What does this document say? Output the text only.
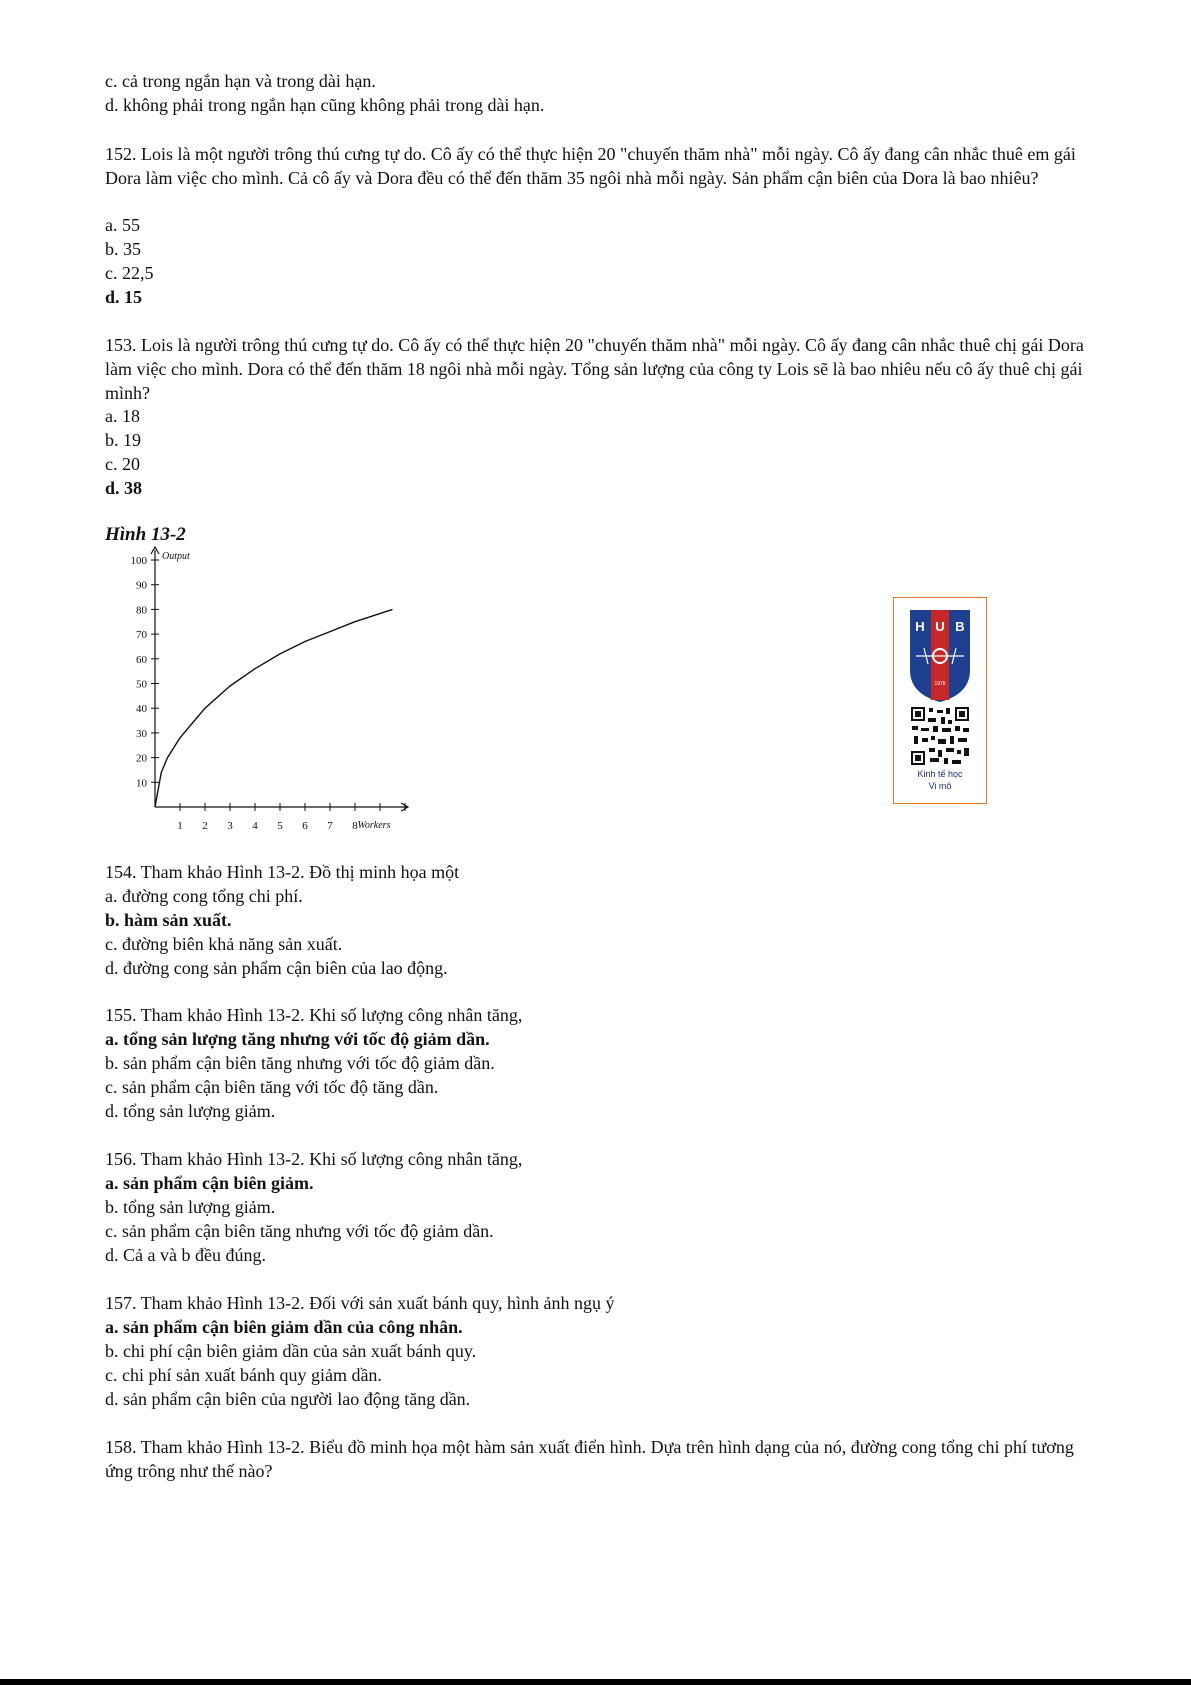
c. cả trong ngắn hạn và trong dài hạn.
d. không phải trong ngắn hạn cũng không phải trong dài hạn.
152. Lois là một người trông thú cưng tự do. Cô ấy có thể thực hiện 20 "chuyến thăm nhà" mỗi ngày. Cô ấy đang cân nhắc thuê em gái Dora làm việc cho mình. Cả cô ấy và Dora đều có thể đến thăm 35 ngôi nhà mỗi ngày. Sản phẩm cận biên của Dora là bao nhiêu?
a. 55
b. 35
c. 22,5
d. 15
153. Lois là người trông thú cưng tự do. Cô ấy có thể thực hiện 20 "chuyến thăm nhà" mỗi ngày. Cô ấy đang cân nhắc thuê chị gái Dora làm việc cho mình. Dora có thể đến thăm 18 ngôi nhà mỗi ngày. Tổng sản lượng của công ty Lois sẽ là bao nhiêu nếu cô ấy thuê chị gái mình?
a. 18
b. 19
c. 20
d. 38
Hình 13-2
10
20
30
40
50
60
70
80
90
100
1 2 3 4 5 6 7 8
Output
Workers
H U B
1976
Kinh tế học
Vi mô
154. Tham khảo Hình 13-2. Đồ thị minh họa một
a. đường cong tổng chi phí.
b. hàm sản xuất.
c. đường biên khả năng sản xuất.
d. đường cong sản phẩm cận biên của lao động.
155. Tham khảo Hình 13-2. Khi số lượng công nhân tăng,
a. tổng sản lượng tăng nhưng với tốc độ giảm dần.
b. sản phẩm cận biên tăng nhưng với tốc độ giảm dần.
c. sản phẩm cận biên tăng với tốc độ tăng dần.
d. tổng sản lượng giảm.
156. Tham khảo Hình 13-2. Khi số lượng công nhân tăng,
a. sản phẩm cận biên giảm.
b. tổng sản lượng giảm.
c. sản phẩm cận biên tăng nhưng với tốc độ giảm dần.
d. Cả a và b đều đúng.
157. Tham khảo Hình 13-2. Đối với sản xuất bánh quy, hình ảnh ngụ ý
a. sản phẩm cận biên giảm dần của công nhân.
b. chi phí cận biên giảm dần của sản xuất bánh quy.
c. chi phí sản xuất bánh quy giảm dần.
d. sản phẩm cận biên của người lao động tăng dần.
158. Tham khảo Hình 13-2. Biểu đồ minh họa một hàm sản xuất điển hình. Dựa trên hình dạng của nó, đường cong tổng chi phí tương ứng trông như thế nào?
